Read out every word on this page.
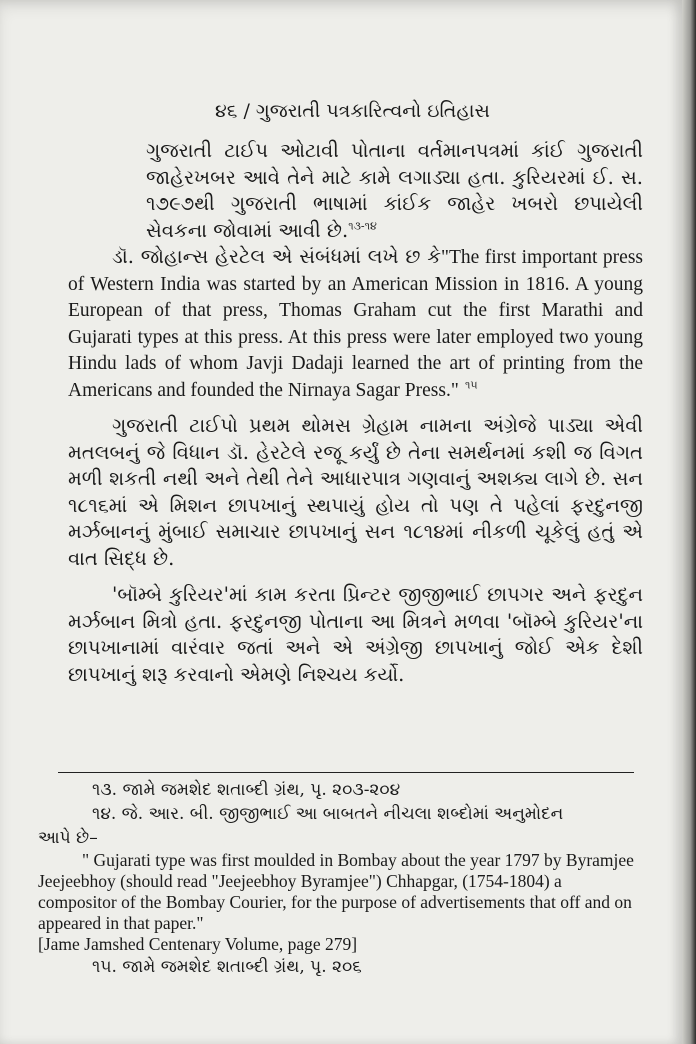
૪૬ / ગુજરાતી પત્રકારિત્વનો ઇતિહાસ

ગુજરાતી ટાઈપ ઓટાવી પોતાના વર્તમાનપત્રમાં કાંઈ ગુજરાતી જાહેરખબર આવે તેને માટે કામે લગાડ્યા હતા. કુરિયરમાં ઈ. સ. ૧૭૯૭થી ગુજરાતી ભાષામાં કાંઈક જાહેર ખબરો છપાયેલી સેવકના જોવામાં આવી છે.$^{૧૩-૧૪}$

ડૉ. જોહાન્સ હેરટેલ એ સંબંધમાં લખે છ કે"The first important press of Western India was started by an American Mission in 1816. A young European of that press, Thomas Graham cut the first Marathi and Gujarati types at this press. At this press were later employed two young Hindu lads of whom Javji Dadaji learned the art of printing from the Americans and founded the Nirnaya Sagar Press." $^{૧૫}$

ગુજરાતી ટાઈપો પ્રથમ થોમસ ગ્રેહામ નામના અંગ્રેજે પાડ્યા એવી મતલબનું જે વિધાન ડૉ. હેરટેલે રજૂ કર્યું છે તેના સમર્થનમાં કશી જ વિગત મળી શકતી નથી અને તેથી તેને આધારપાત્ર ગણવાનું અશક્ય લાગે છે. સન ૧૮૧૬માં એ મિશન છાપખાનું સ્થપાયું હોય તો પણ તે પહેલાં ફરદુનજી મર્ઝબાનનું મુંબાઈ સમાચાર છાપખાનું સન ૧૮૧૪માં નીકળી ચૂકેલું હતું એ વાત સિદ્ધ છે.

'બૉમ્બે કુરિયર'માં કામ કરતા પ્રિન્ટર જીજીભાઈ છાપગર અને ફરદુન મર્ઝબાન મિત્રો હતા. ફરદુનજી પોતાના આ મિત્રને મળવા 'બૉમ્બે કુરિયર'ના છાપખાનામાં વારંવાર જતાં અને એ અંગ્રેજી છાપખાનું જોઈ એક દેશી છાપખાનું શરૂ કરવાનો એમણે નિશ્ચય કર્યો.

૧૩. જામે જમશેદ શતાબ્દી ગ્રંથ, પૃ. ૨૦૩-૨૦૪

૧૪. જે. આર. બી. જીજીભાઈ આ બાબતને નીચલા શબ્દોમાં અનુમોદન

આપે છે–

" Gujarati type was first moulded in Bombay about the year 1797 by Byramjee Jeejeebhoy (should read "Jeejeebhoy Byramjee") Chhapgar, (1754-1804) a compositor of the Bombay Courier, for the purpose of advertisements that off and on appeared in that paper."

[Jame Jamshed Centenary Volume, page 279]

૧૫. જામે જમશેદ શતાબ્દી ગ્રંથ, પૃ. ૨૦૬
